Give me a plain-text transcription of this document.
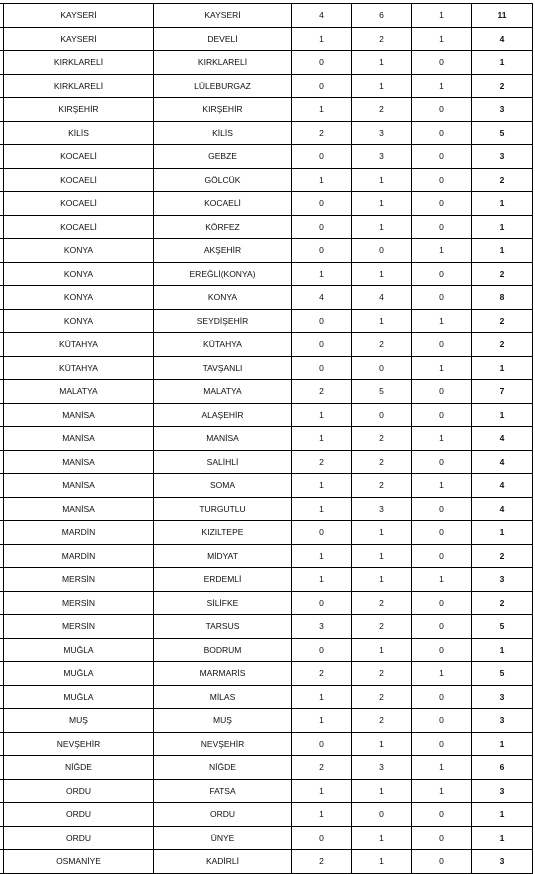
KAYSERİ	KAYSERİ	4	6	1	11
KAYSERİ	DEVELİ	1	2	1	4
KIRKLARELİ	KIRKLARELİ	0	1	0	1
KIRKLARELİ	LÜLEBURGAZ	0	1	1	2
KIRŞEHİR	KIRŞEHİR	1	2	0	3
KİLİS	KİLİS	2	3	0	5
KOCAELİ	GEBZE	0	3	0	3
KOCAELİ	GÖLCÜK	1	1	0	2
KOCAELİ	KOCAELİ	0	1	0	1
KOCAELİ	KÖRFEZ	0	1	0	1
KONYA	AKŞEHİR	0	0	1	1
KONYA	EREĞLİ(KONYA)	1	1	0	2
KONYA	KONYA	4	4	0	8
KONYA	SEYDİŞEHİR	0	1	1	2
KÜTAHYA	KÜTAHYA	0	2	0	2
KÜTAHYA	TAVŞANLI	0	0	1	1
MALATYA	MALATYA	2	5	0	7
MANİSA	ALAŞEHİR	1	0	0	1
MANİSA	MANİSA	1	2	1	4
MANİSA	SALİHLİ	2	2	0	4
MANİSA	SOMA	1	2	1	4
MANİSA	TURGUTLU	1	3	0	4
MARDİN	KIZILTEPE	0	1	0	1
MARDİN	MİDYAT	1	1	0	2
MERSİN	ERDEMLİ	1	1	1	3
MERSİN	SİLİFKE	0	2	0	2
MERSİN	TARSUS	3	2	0	5
MUĞLA	BODRUM	0	1	0	1
MUĞLA	MARMARİS	2	2	1	5
MUĞLA	MİLAS	1	2	0	3
MUŞ	MUŞ	1	2	0	3
NEVŞEHİR	NEVŞEHİR	0	1	0	1
NİĞDE	NİĞDE	2	3	1	6
ORDU	FATSA	1	1	1	3
ORDU	ORDU	1	0	0	1
ORDU	ÜNYE	0	1	0	1
OSMANİYE	KADİRLİ	2	1	0	3
